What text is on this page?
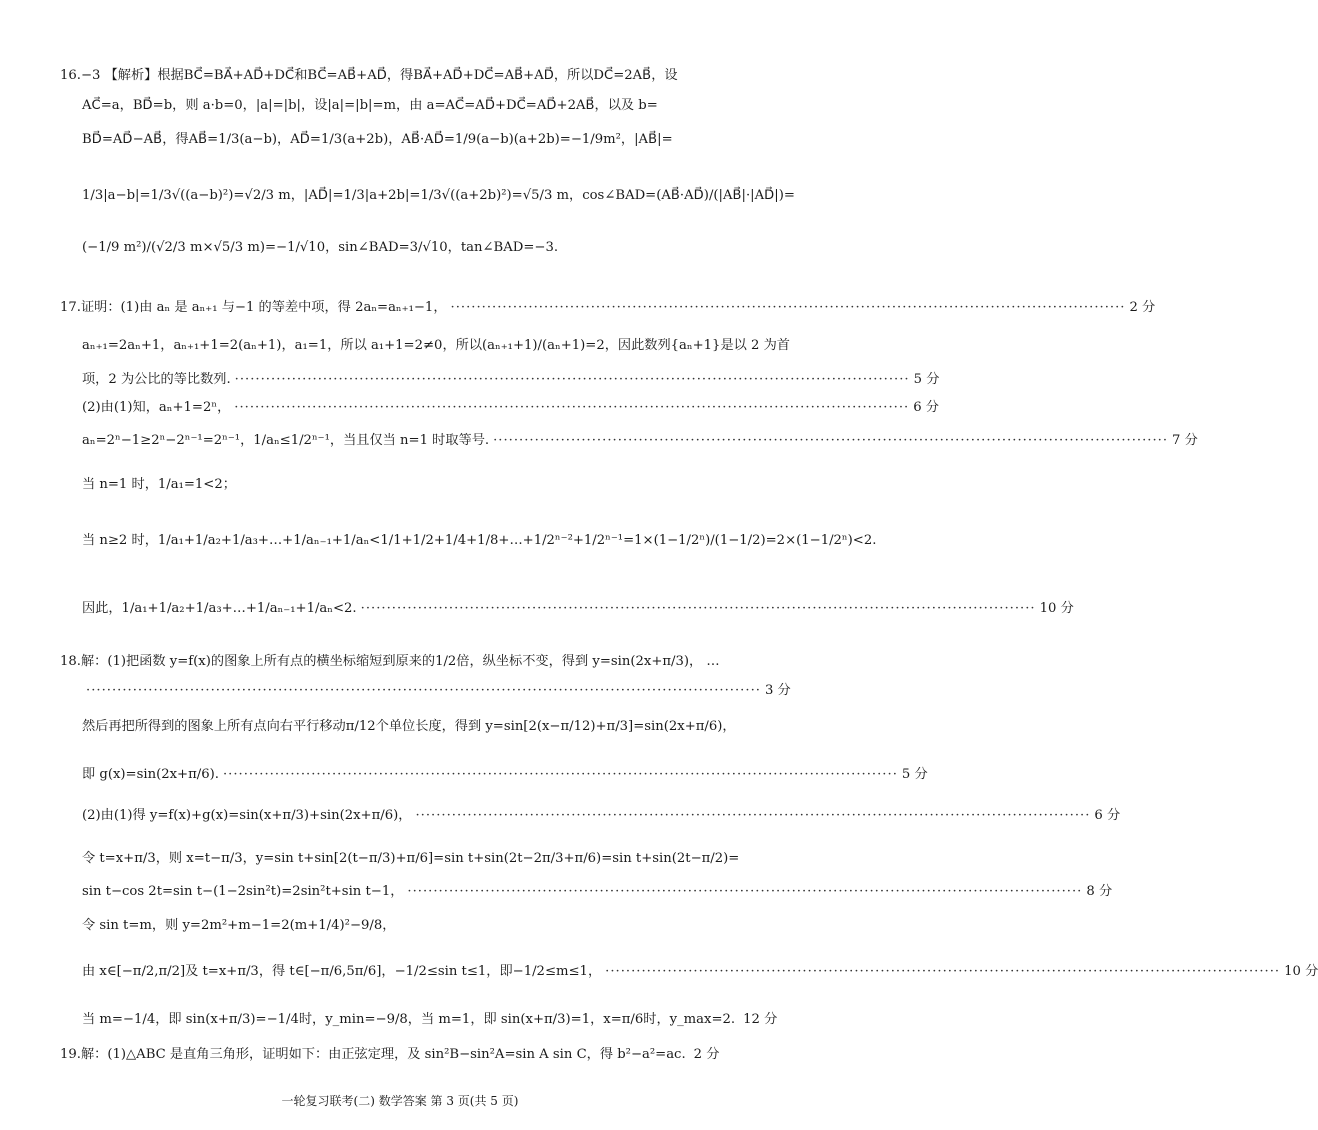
16.−3 【解析】根据BC⃗=BA⃗+AD⃗+DC⃗和BC⃗=AB⃗+AD⃗，得BA⃗+AD⃗+DC⃗=AB⃗+AD⃗，所以DC⃗=2AB⃗，设
AC⃗=a，BD⃗=b，则 a·b=0，|a|=|b|，设|a|=|b|=m，由 a=AC⃗=AD⃗+DC⃗=AD⃗+2AB⃗，以及 b=
BD⃗=AD⃗−AB⃗，得AB⃗=1/3(a−b)，AD⃗=1/3(a+2b)，AB⃗·AD⃗=1/9(a−b)(a+2b)=−1/9m²，|AB⃗|=
1/3|a−b|=1/3√((a−b)²)=√2/3 m，|AD⃗|=1/3|a+2b|=1/3√((a+2b)²)=√5/3 m，cos∠BAD=(AB⃗·AD⃗)/(|AB⃗|·|AD⃗|)=
(−1/9 m²)/(√2/3 m×√5/3 m)=−1/√10，sin∠BAD=3/√10，tan∠BAD=−3.
17.证明：(1)由 aₙ 是 aₙ₊₁ 与−1 的等差中项，得 2aₙ=aₙ₊₁−1， ·····	2 分
aₙ₊₁=2aₙ+1，aₙ₊₁+1=2(aₙ+1)，a₁=1，所以 a₁+1=2≠0，所以(aₙ₊₁+1)/(aₙ+1)=2，因此数列{aₙ+1}是以 2 为首
项，2 为公比的等比数列. ·····	5 分
(2)由(1)知，aₙ+1=2ⁿ， ·····	6 分
aₙ=2ⁿ−1≥2ⁿ−2ⁿ⁻¹=2ⁿ⁻¹，1/aₙ≤1/2ⁿ⁻¹，当且仅当 n=1 时取等号. ·····	7 分
当 n=1 时，1/a₁=1<2；
当 n≥2 时，1/a₁+1/a₂+1/a₃+…+1/aₙ₋₁+1/aₙ<1/1+1/2+1/4+1/8+…+1/2ⁿ⁻²+1/2ⁿ⁻¹=1×(1−1/2ⁿ)/(1−1/2)=2×(1−1/2ⁿ)<2.
因此，1/a₁+1/a₂+1/a₃+…+1/aₙ₋₁+1/aₙ<2. ·····	10 分
18.解：(1)把函数 y=f(x)的图象上所有点的横坐标缩短到原来的1/2倍，纵坐标不变，得到 y=sin(2x+π/3)， …
·····
3 分
然后再把所得到的图象上所有点向右平行移动π/12个单位长度，得到 y=sin[2(x−π/12)+π/3]=sin(2x+π/6)，
即 g(x)=sin(2x+π/6). ·····	5 分
(2)由(1)得 y=f(x)+g(x)=sin(x+π/3)+sin(2x+π/6)， ·····	6 分
令 t=x+π/3，则 x=t−π/3，y=sin t+sin[2(t−π/3)+π/6]=sin t+sin(2t−2π/3+π/6)=sin t+sin(2t−π/2)=
sin t−cos 2t=sin t−(1−2sin²t)=2sin²t+sin t−1， ·····	8 分
令 sin t=m，则 y=2m²+m−1=2(m+1/4)²−9/8，
由 x∈[−π/2,π/2]及 t=x+π/3，得 t∈[−π/6,5π/6]，−1/2≤sin t≤1，即−1/2≤m≤1， ·····	10 分
当 m=−1/4，即 sin(x+π/3)=−1/4时，y_min=−9/8，当 m=1，即 sin(x+π/3)=1，x=π/6时，y_max=2. 12 分
19.解：(1)△ABC 是直角三角形，证明如下：由正弦定理，及 sin²B−sin²A=sin A sin C，得 b²−a²=ac. 2 分
一轮复习联考(二) 数学答案 第 3 页(共 5 页)
